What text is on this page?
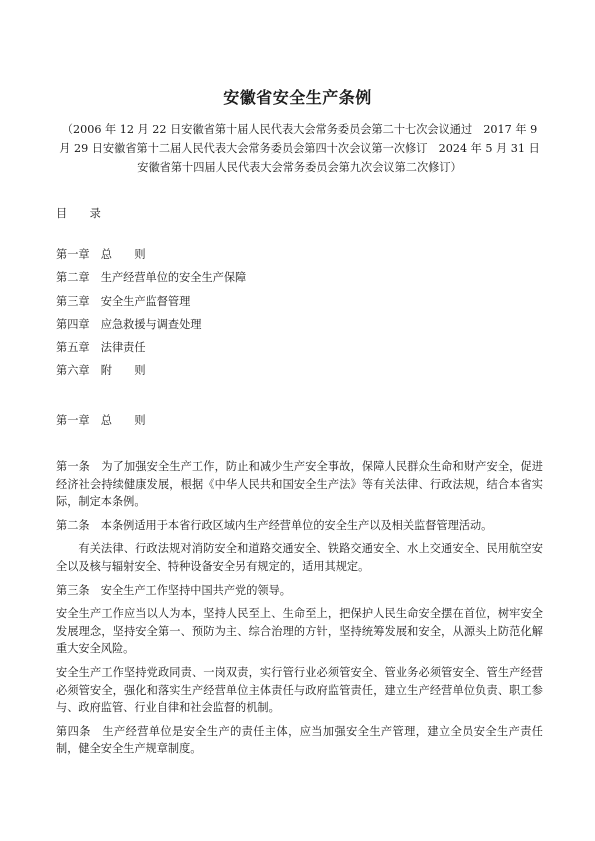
安徽省安全生产条例
（2006 年 12 月 22 日安徽省第十届人民代表大会常务委员会第二十七次会议通过　2017 年 9 月 29 日安徽省第十二届人民代表大会常务委员会第四十次会议第一次修订　2024 年 5 月 31 日安徽省第十四届人民代表大会常务委员会第九次会议第二次修订）
目　　录
第一章　总　　则
第二章　生产经营单位的安全生产保障
第三章　安全生产监督管理
第四章　应急救援与调查处理
第五章　法律责任
第六章　附　　则
第一章　总　　则

第一条　为了加强安全生产工作，防止和减少生产安全事故，保障人民群众生命和财产安全，促进经济社会持续健康发展，根据《中华人民共和国安全生产法》等有关法律、行政法规，结合本省实际，制定本条例。

第二条　本条例适用于本省行政区域内生产经营单位的安全生产以及相关监督管理活动。

有关法律、行政法规对消防安全和道路交通安全、铁路交通安全、水上交通安全、民用航空安全以及核与辐射安全、特种设备安全另有规定的，适用其规定。

第三条　安全生产工作坚持中国共产党的领导。

安全生产工作应当以人为本，坚持人民至上、生命至上，把保护人民生命安全摆在首位，树牢安全发展理念，坚持安全第一、预防为主、综合治理的方针，坚持统筹发展和安全，从源头上防范化解重大安全风险。

安全生产工作坚持党政同责、一岗双责，实行管行业必须管安全、管业务必须管安全、管生产经营必须管安全，强化和落实生产经营单位主体责任与政府监管责任，建立生产经营单位负责、职工参与、政府监管、行业自律和社会监督的机制。

第四条　生产经营单位是安全生产的责任主体，应当加强安全生产管理，建立全员安全生产责任制，健全安全生产规章制度。
